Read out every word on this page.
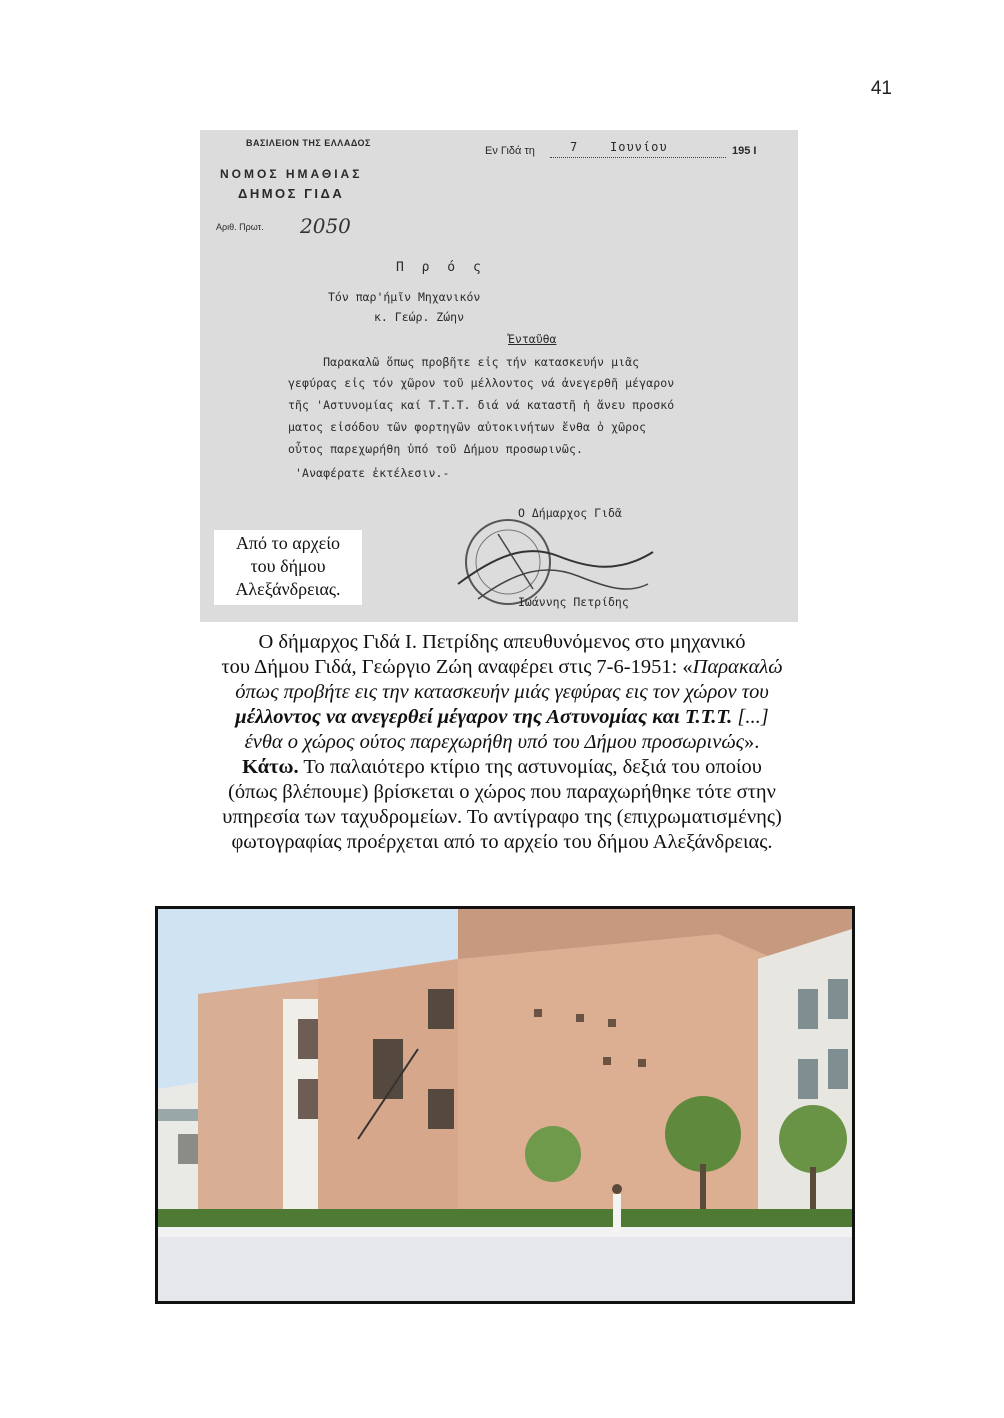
41
ΒΑΣΙΛΕΙΟΝ ΤΗΣ ΕΛΛΑΔΟΣ
ΝΟΜΟΣ ΗΜΑΘΙΑΣ
ΔΗΜΟΣ ΓΙΔΑ
Αριθ. Πρωτ. 2050
Εν Γιδά τη	7	Ιουνίου	195 I
Π ρ ό ς
Τόν παρ'ήμῖν Μηχανικόν
κ. Γεώρ. Ζώην
Ἐνταῦθα
Παρακαλῶ ὅπως προβῆτε εἰς τήν κατασκευήν μιᾶς
γεφύρας εἰς τόν χῶρον τοῦ μέλλοντος νά ἀνεγερθῆ μέγαρον
τῆς 'Αστυνομίας καί Τ.Τ.Τ. διά νά καταστῆ ἡ ἄνευ προσκό
ματος εἰσόδου τῶν φορτηγῶν αὐτοκινήτων ἔνθα ὁ χῶρος
οὗτος παρεχωρήθη ὑπό τοῦ Δήμου προσωρινῶς.
'Αναφέρατε ἐκτέλεσιν.-
Ο Δήμαρχος Γιδᾶ
Ιωάννης Πετρίδης
Από το αρχείο
του δήμου
Αλεξάνδρειας.
Ο δήμαρχος Γιδά Ι. Πετρίδης απευθυνόμενος στο μηχανικό
του Δήμου Γιδά, Γεώργιο Ζώη αναφέρει στις 7-6-1951: «Παρακαλώ
όπως προβήτε εις την κατασκευήν μιάς γεφύρας εις τον χώρον του
μέλλοντος να ανεγερθεί μέγαρον της Αστυνομίας και Τ.Τ.Τ. [...]
ένθα ο χώρος ούτος παρεχωρήθη υπό του Δήμου προσωρινώς».
Κάτω. Το παλαιότερο κτίριο της αστυνομίας, δεξιά του οποίου
(όπως βλέπουμε) βρίσκεται ο χώρος που παραχωρήθηκε τότε στην
υπηρεσία των ταχυδρομείων. Το αντίγραφο της (επιχρωματισμένης)
φωτογραφίας προέρχεται από το αρχείο του δήμου Αλεξάνδρειας.
